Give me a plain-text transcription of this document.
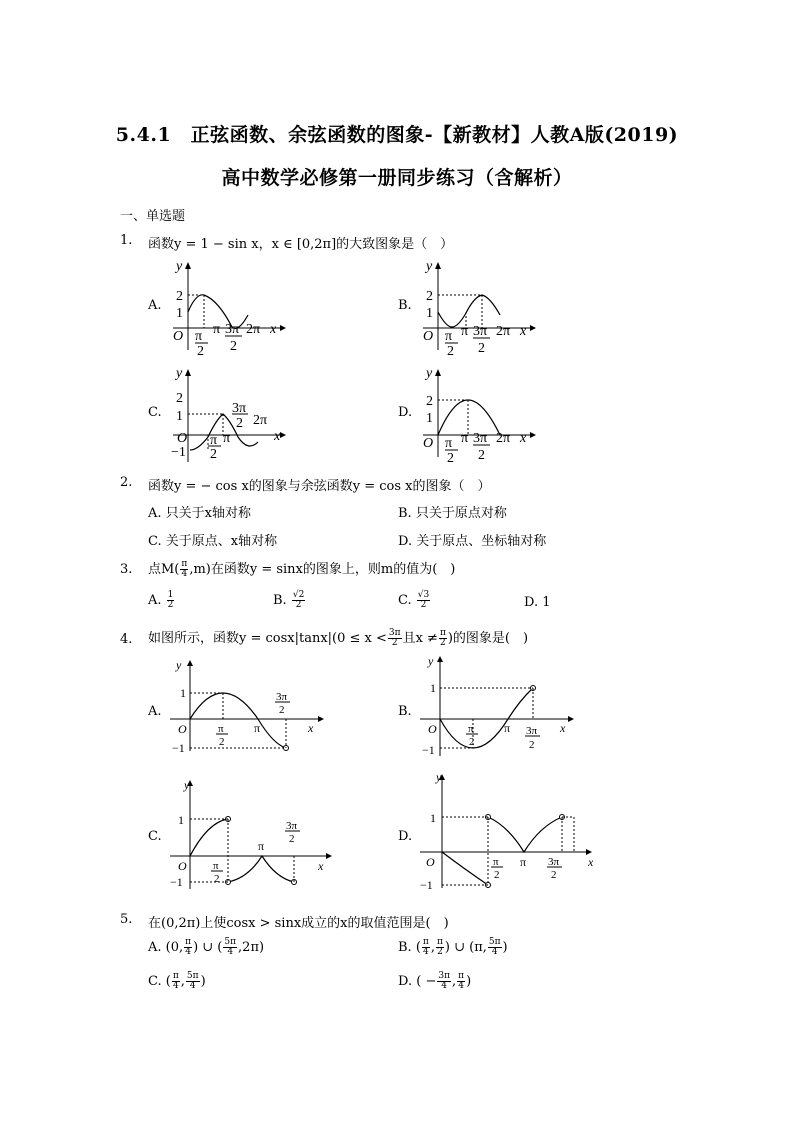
5.4.1　正弦函数、余弦函数的图象-【新教材】人教A版(2019)
高中数学必修第一册同步练习（含解析）
一、单选题
1. 函数y = 1 − sin x，x ∈ [0,2π]的大致图象是（　）
A.	B.
C.	D.
y
2
1
O π
2
π 3π
2
2π x
y
2
1
O π
2
π 3π
2
2π x
y
2
1
O
−1
π
2
π
3π
2 2π
x
y
2
1
O π
2
π 3π
2
2π x
2. 函数y = − cos x的图象与余弦函数y = cos x的图象（　）
A. 只关于x轴对称	B. 只关于原点对称
C. 关于原点、x轴对称	D. 关于原点、坐标轴对称
3. 点$M( \frac{\pi}{4} ,m)$在函数y = sinx的图象上，则m的值为(　)
A. $\frac{1}{2}$	B. $\frac{√2}{2}$	C. $\frac{√3}{2}$	D. 1
4. 如图所示，函数$y = \cos x|\tan x|(0 \le x < \frac{3\pi}{2}$ 且$x \ne \frac{\pi}{2}$ )的图象是(　)
A.	B.
C.	D.
y
1
O
−1
π
2
π
3π
2
x
y
1
O
−1
π
2
π 3π
2
x
y
1
O
−1
π
2
π
3π
2
x
y
1
O
−1
π
2
π 3π
2
x
5. 在(0,2π)上使cosx > sinx成立的x的取值范围是(　)
A. (0, $\frac{\pi}{4}$ ) ∪ ( $\frac{5\pi}{4} ,2\pi$)	B. ( $\frac{\pi}{4}$ , $\frac{\pi}{2}$ ) ∪ (π, $\frac{5\pi}{4}$ )
C. ( $\frac{\pi}{4}$ , $\frac{5\pi}{4}$ )	D. ( − $\frac{3\pi}{4}$ , $\frac{\pi}{4}$ )
